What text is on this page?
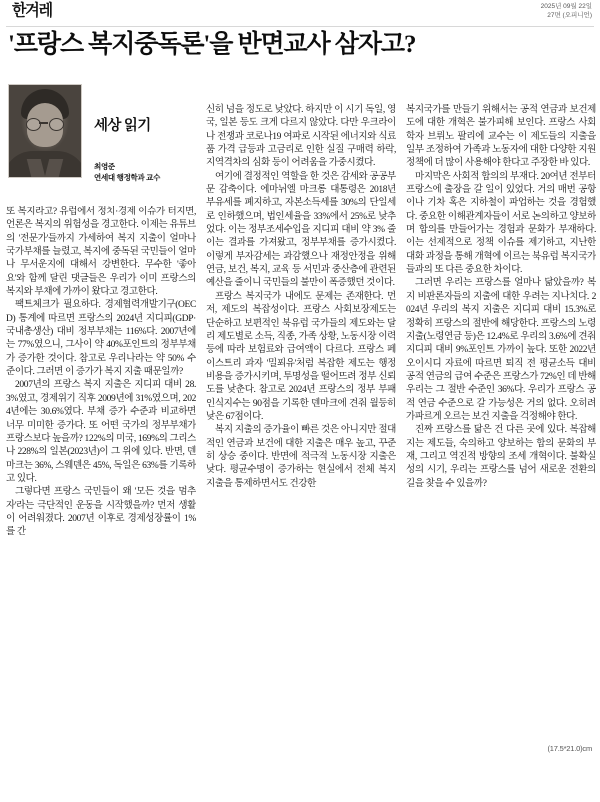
한겨레	2025년 09월 22일
27면 (오피니언)
'프랑스 복지중독론'을 반면교사 삼자고?
세상 읽기
최영준
연세대 행정학과 교수

또 복지라고? 유럽에서 정치·경제 이슈가 터지면, 언론은 복지의 위험성을 경고한다. 이제는 유튜브의 '전문가'들까지 가세하여 복지 지출이 얼마나 국가부채를 늘렸고, 복지에 중독된 국민들이 얼마나 무서운지에 대해서 강변한다. 무수한 '좋아요'와 함께 달린 댓글들은 우리가 이미 프랑스의 복지와 부채에 가까이 왔다고 경고한다.

팩트체크가 필요하다. 경제협력개발기구(OECD) 통계에 따르면 프랑스의 2024년 지디피(GDP·국내총생산) 대비 정부부채는 116%다. 2007년에는 77%였으니, 그사이 약 40%포인트의 정부부채가 증가한 것이다. 참고로 우리나라는 약 50% 수준이다. 그러면 이 증가가 복지 지출 때문일까?

2007년의 프랑스 복지 지출은 지디피 대비 28.3%였고, 경제위기 직후 2009년에 31%였으며, 2024년에는 30.6%였다. 부채 증가 수준과 비교하면 너무 미미한 증가다. 또 어떤 국가의 정부부채가 프랑스보다 높을까? 122%의 미국, 169%의 그리스나 228%의 일본(2023년)이 그 위에 있다. 반면, 덴마크는 36%, 스웨덴은 45%, 독일은 63%를 기록하고 있다.

그렇다면 프랑스 국민들이 왜 '모든 것을 멈추자'라는 극단적인 운동을 시작했을까? 먼저 생활이 어려워졌다. 2007년 이후로 경제성장률이 1%를 간

신히 넘을 정도로 낮았다. 하지만 이 시기 독일, 영국, 일본 등도 크게 다르지 않았다. 다만 우크라이나 전쟁과 코로나19 여파로 시작된 에너지와 식료품 가격 급등과 고금리로 인한 실질 구매력 하락, 지역격차의 심화 등이 어려움을 가중시켰다.

여기에 결정적인 역할을 한 것은 감세와 공공부문 감축이다. 에마뉘엘 마크롱 대통령은 2018년 부유세를 폐지하고, 자본소득세를 30%의 단일세로 인하했으며, 법인세율을 33%에서 25%로 낮추었다. 이는 정부조세수입을 지디피 대비 약 3% 줄이는 결과를 가져왔고, 정부부채를 증가시켰다. 이렇게 부자감세는 과감했으나 재정안정을 위해 연금, 보건, 복지, 교육 등 서민과 중산층에 관련된 예산을 줄이니 국민들의 불만이 폭증했던 것이다.

프랑스 복지국가 내에도 문제는 존재한다. 먼저, 제도의 복잡성이다. 프랑스 사회보장제도는 단순하고 보편적인 북유럽 국가들의 제도와는 달리 제도별로 소득, 직종, 가족 상황, 노동시장 이력 등에 따라 보험료와 급여액이 다르다. 프랑스 페이스트리 과자 '밀푀유'처럼 복잡한 제도는 행정 비용을 증가시키며, 투명성을 떨어뜨려 정부 신뢰도를 낮춘다. 참고로 2024년 프랑스의 정부 부패 인식지수는 90점을 기록한 덴마크에 견줘 월등히 낮은 67점이다.

복지 지출의 증가율이 빠른 것은 아니지만 절대적인 연금과 보건에 대한 지출은 매우 높고, 꾸준히 상승 중이다. 반면에 적극적 노동시장 지출은 낮다. 평균수명이 증가하는 현실에서 전체 복지 지출을 통제하면서도 건강한

복지국가를 만들기 위해서는 공적 연금과 보건제도에 대한 개혁은 불가피해 보인다. 프랑스 사회학자 브뤼노 팔리에 교수는 이 제도들의 지출을 일부 조정하여 가족과 노동자에 대한 다양한 지원 정책에 더 많이 사용해야 한다고 주장한 바 있다.

마지막은 사회적 합의의 부재다. 20여년 전부터 프랑스에 출장을 갈 일이 있었다. 거의 매번 공항이나 기차 혹은 지하철이 파업하는 것을 경험했다. 중요한 이해관계자들이 서로 논의하고 양보하며 합의를 만들어가는 경험과 문화가 부재하다. 이는 선제적으로 정책 이슈를 제기하고, 지난한 대화 과정을 통해 개혁에 이르는 북유럽 복지국가들과의 또 다른 중요한 차이다.

그러면 우리는 프랑스를 얼마나 닮았을까? 복지 비판론자들의 지출에 대한 우려는 지나치다. 2024년 우리의 복지 지출은 지디피 대비 15.3%로 정확히 프랑스의 절반에 해당한다. 프랑스의 노령 지출(노령연금 등)은 12.4%로 우리의 3.6%에 견줘 지디피 대비 9%포인트 가까이 높다. 또한 2022년 오이시디 자료에 따르면 퇴직 전 평균소득 대비 공적 연금의 급여 수준은 프랑스가 72%인 데 반해 우리는 그 절반 수준인 36%다. 우리가 프랑스 공적 연금 수준으로 갈 가능성은 거의 없다. 오히려 가파르게 오르는 보건 지출을 걱정해야 한다.

진짜 프랑스를 닮은 건 다른 곳에 있다. 복잡해지는 제도들, 숙의하고 양보하는 합의 문화의 부재, 그리고 역진적 방향의 조세 개혁이다. 불확실성의 시기, 우리는 프랑스를 넘어 새로운 전환의 길을 찾을 수 있을까?

(17.5*21.0)cm
